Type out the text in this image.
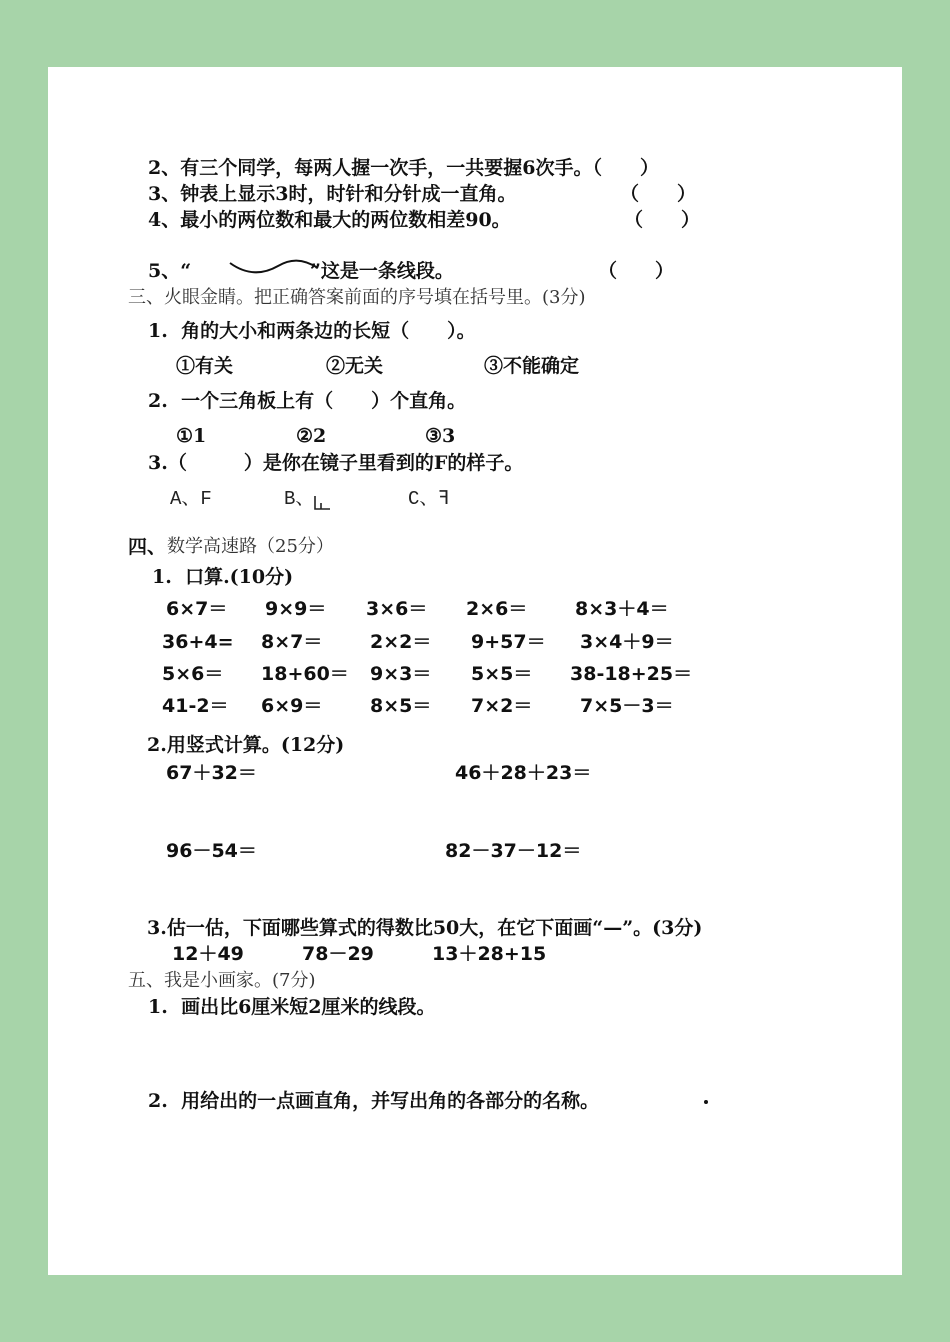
2、有三个同学，每两人握一次手，一共要握6次手。（　　）
3、钟表上显示3时，时针和分针成一直角。	（　　）
4、最小的两位数和最大的两位数相差90。	（　　）
5、“	”这是一条线段。	（　　）
三、火眼金睛。把正确答案前面的序号填在括号里。(3分)
1.  角的大小和两条边的长短（　　）。
①有关	②无关	③不能确定
2.  一个三角板上有（　　）个直角。
①1	②2	③3
3.（　　　）是你在镜子里看到的F的样子。
A、F	B、	C、ꟻ
四、 数学高速路（25分）
1.  口算.(10分)
6×7＝ 9×9＝ 3×6＝ 2×6＝	8×3＋4＝
36+4= 8×7＝	2×2＝ 9+57＝ 3×4＋9＝
5×6＝ 18+60＝ 9×3＝ 5×5＝ 38-18+25＝
41-2＝ 6×9＝	8×5＝ 7×2＝	7×5－3＝
2.用竖式计算。(12分)
67＋32＝	46＋28＋23＝
96－54＝	82－37－12＝
3.估一估，下面哪些算式的得数比50大，在它下面画“—”。(3分)
12＋49	78－29	13＋28+15
五、我是小画家。(7分)
1.  画出比6厘米短2厘米的线段。
2.  用给出的一点画直角，并写出角的各部分的名称。
